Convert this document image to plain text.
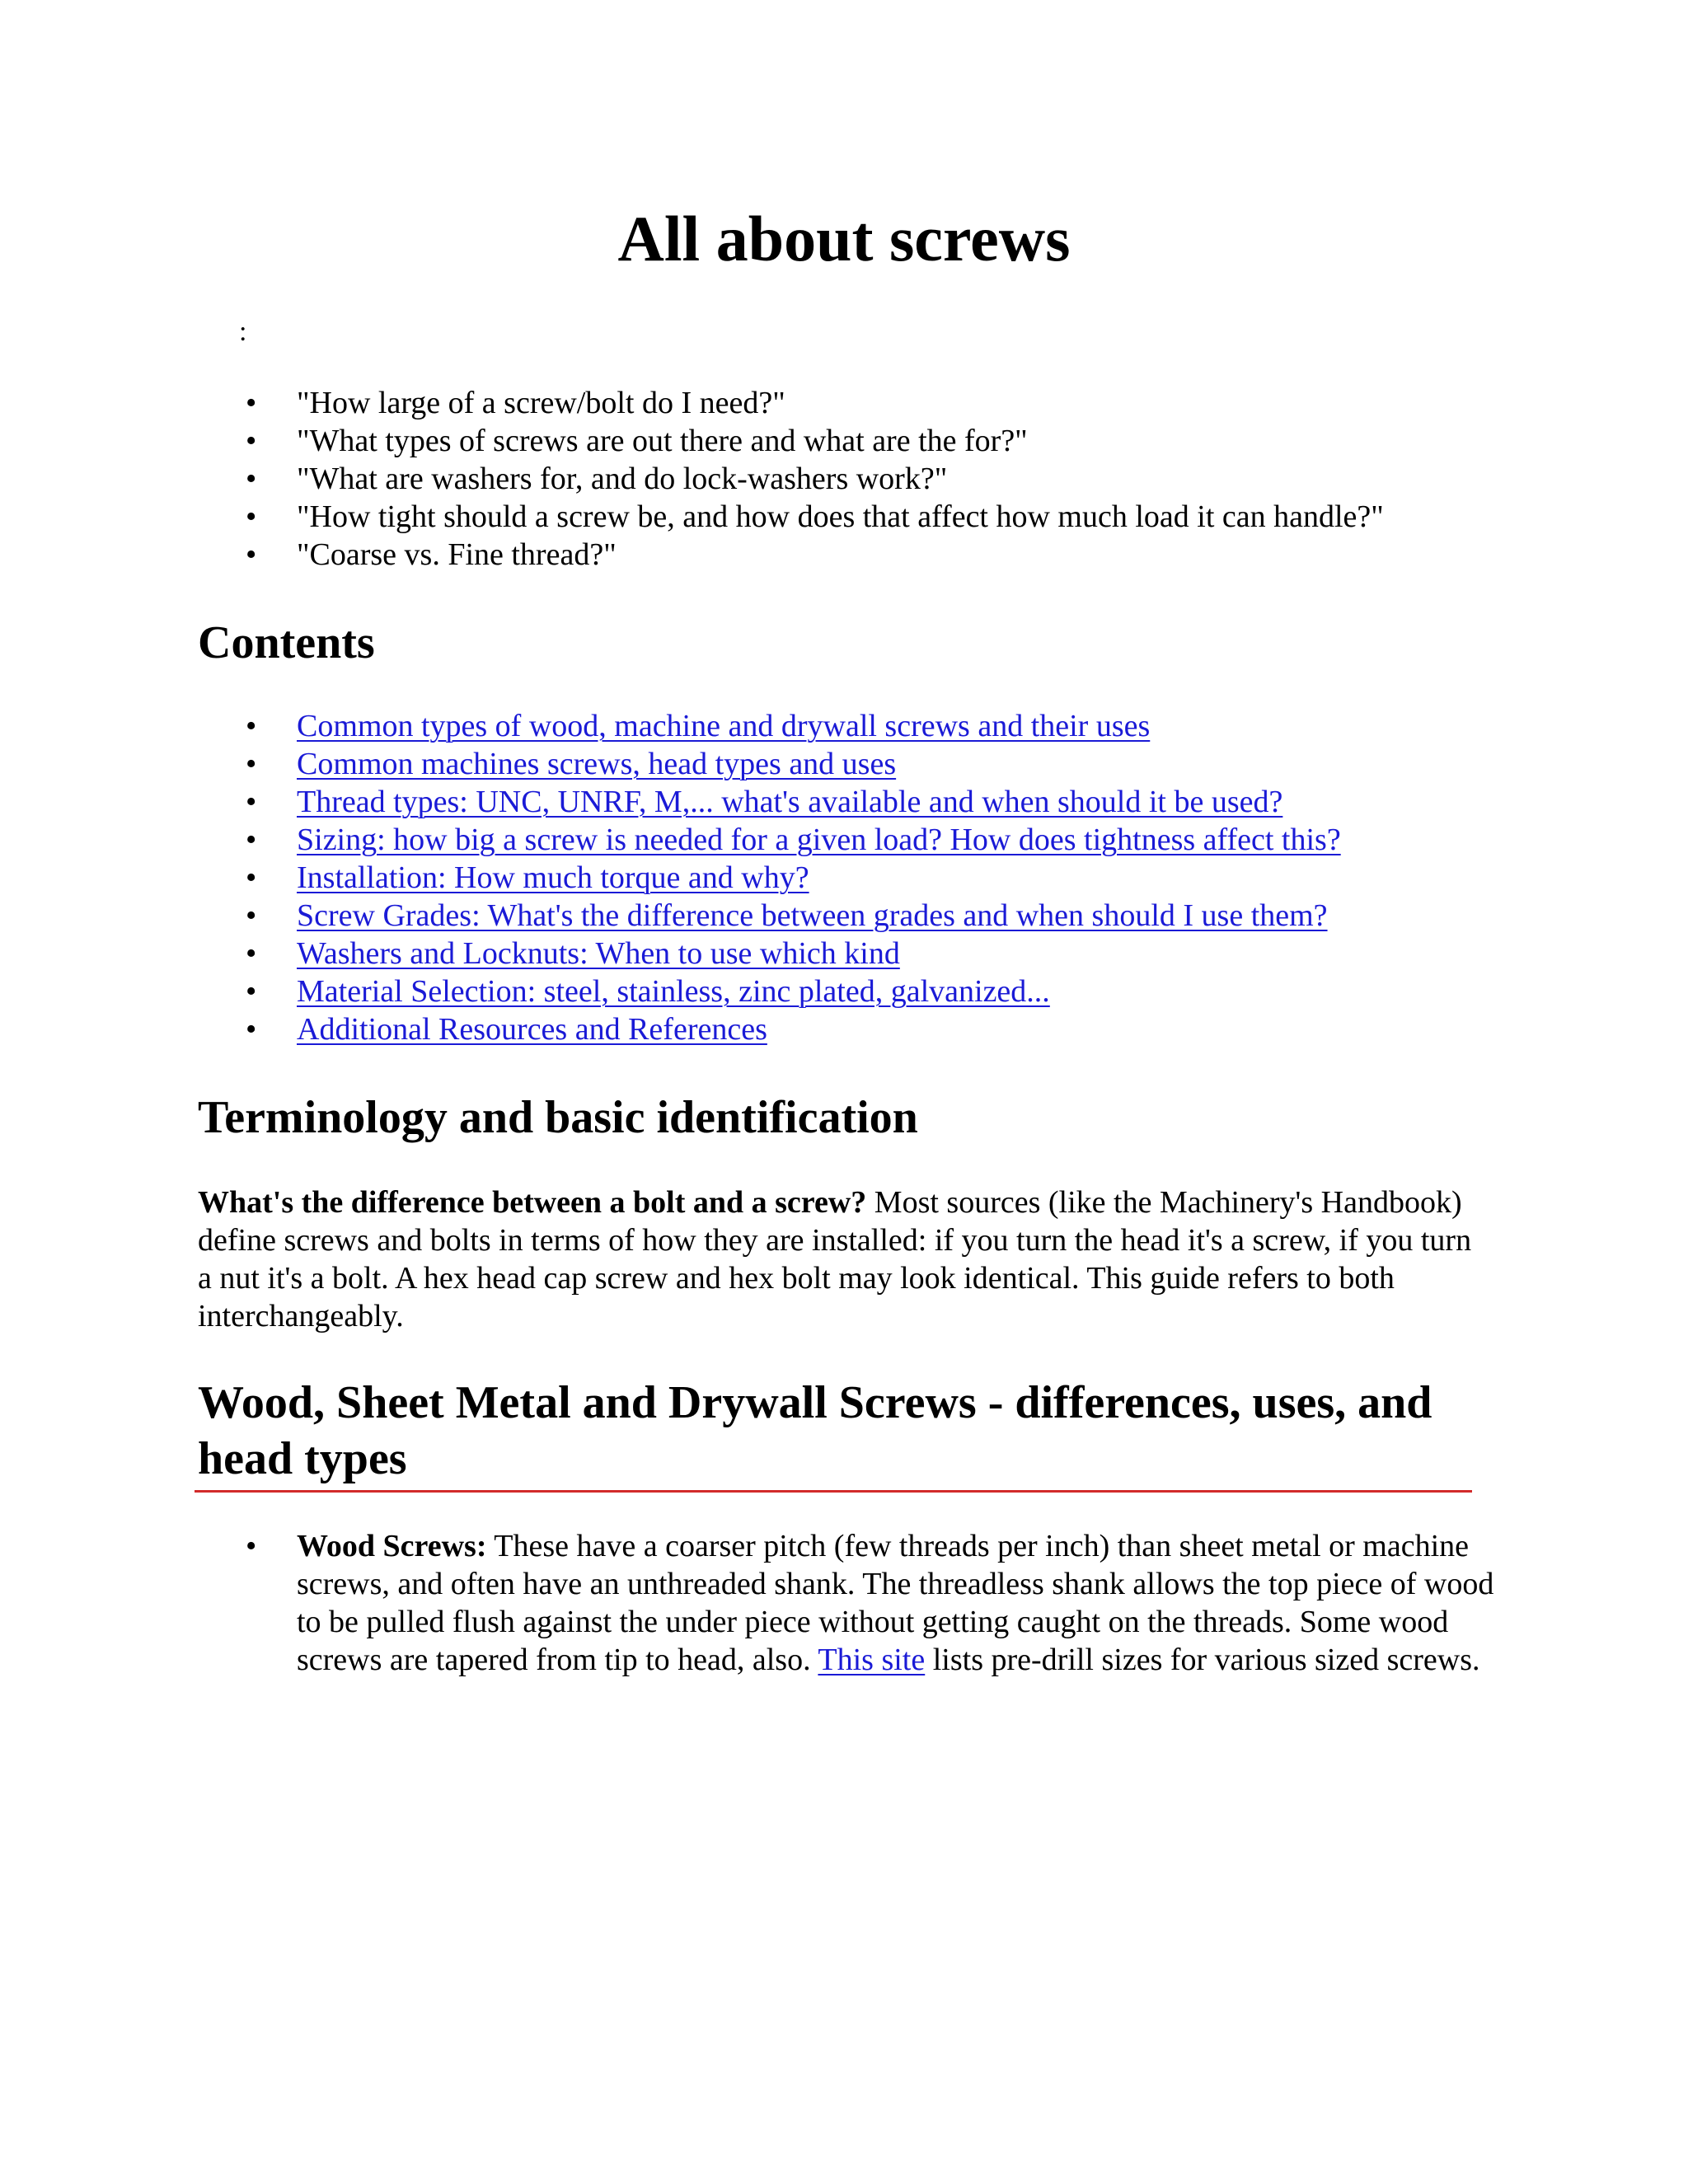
All about screws
:
• "How large of a screw/bolt do I need?"
• "What types of screws are out there and what are the for?"
• "What are washers for, and do lock-washers work?"
• "How tight should a screw be, and how does that affect how much load it can handle?"
• "Coarse vs. Fine thread?"
Contents
• Common types of wood, machine and drywall screws and their uses
• Common machines screws, head types and uses
• Thread types: UNC, UNRF, M,... what's available and when should it be used?
• Sizing: how big a screw is needed for a given load? How does tightness affect this?
• Installation: How much torque and why?
• Screw Grades: What's the difference between grades and when should I use them?
• Washers and Locknuts: When to use which kind
• Material Selection: steel, stainless, zinc plated, galvanized...
• Additional Resources and References
Terminology and basic identification

What's the difference between a bolt and a screw? Most sources (like the Machinery's Handbook) define screws and bolts in terms of how they are installed: if you turn the head it's a screw, if you turn a nut it's a bolt. A hex head cap screw and hex bolt may look identical. This guide refers to both interchangeably.

Wood, Sheet Metal and Drywall Screws - differences, uses, and head types
• Wood Screws: These have a coarser pitch (few threads per inch) than sheet metal or machine screws, and often have an unthreaded shank. The threadless shank allows the top piece of wood to be pulled flush against the under piece without getting caught on the threads. Some wood screws are tapered from tip to head, also. This site lists pre-drill sizes for various sized screws.
